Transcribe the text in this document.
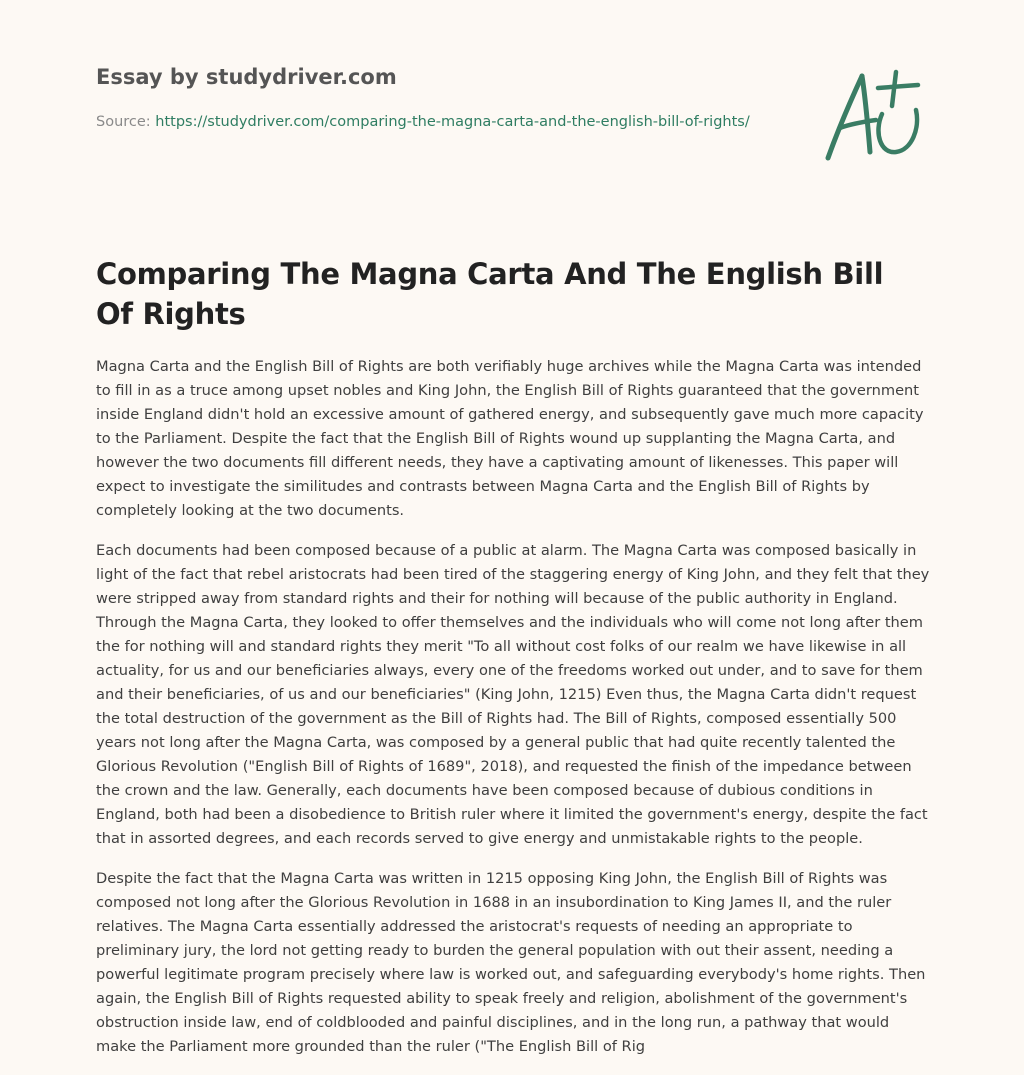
Essay by studydriver.com
Source: https://studydriver.com/comparing-the-magna-carta-and-the-english-bill-of-rights/
Comparing The Magna Carta And The English Bill Of Rights

Magna Carta and the English Bill of Rights are both verifiably huge archives while the Magna Carta was intended to fill in as a truce among upset nobles and King John, the English Bill of Rights guaranteed that the government inside England didn't hold an excessive amount of gathered energy, and subsequently gave much more capacity to the Parliament. Despite the fact that the English Bill of Rights wound up supplanting the Magna Carta, and however the two documents fill different needs, they have a captivating amount of likenesses. This paper will expect to investigate the similitudes and contrasts between Magna Carta and the English Bill of Rights by completely looking at the two documents.

Each documents had been composed because of a public at alarm. The Magna Carta was composed basically in light of the fact that rebel aristocrats had been tired of the staggering energy of King John, and they felt that they were stripped away from standard rights and their for nothing will because of the public authority in England. Through the Magna Carta, they looked to offer themselves and the individuals who will come not long after them the for nothing will and standard rights they merit "To all without cost folks of our realm we have likewise in all actuality, for us and our beneficiaries always, every one of the freedoms worked out under, and to save for them and their beneficiaries, of us and our beneficiaries" (King John, 1215) Even thus, the Magna Carta didn't request the total destruction of the government as the Bill of Rights had. The Bill of Rights, composed essentially 500 years not long after the Magna Carta, was composed by a general public that had quite recently talented the Glorious Revolution ("English Bill of Rights of 1689", 2018), and requested the finish of the impedance between the crown and the law. Generally, each documents have been composed because of dubious conditions in England, both had been a disobedience to British ruler where it limited the government's energy, despite the fact that in assorted degrees, and each records served to give energy and unmistakable rights to the people.

Despite the fact that the Magna Carta was written in 1215 opposing King John, the English Bill of Rights was composed not long after the Glorious Revolution in 1688 in an insubordination to King James II, and the ruler relatives. The Magna Carta essentially addressed the aristocrat's requests of needing an appropriate to preliminary jury, the lord not getting ready to burden the general population with out their assent, needing a powerful legitimate program precisely where law is worked out, and safeguarding everybody's home rights. Then again, the English Bill of Rights requested ability to speak freely and religion, abolishment of the government's obstruction inside law, end of coldblooded and painful disciplines, and in the long run, a pathway that would make the Parliament more grounded than the ruler ("The English Bill of Rig
